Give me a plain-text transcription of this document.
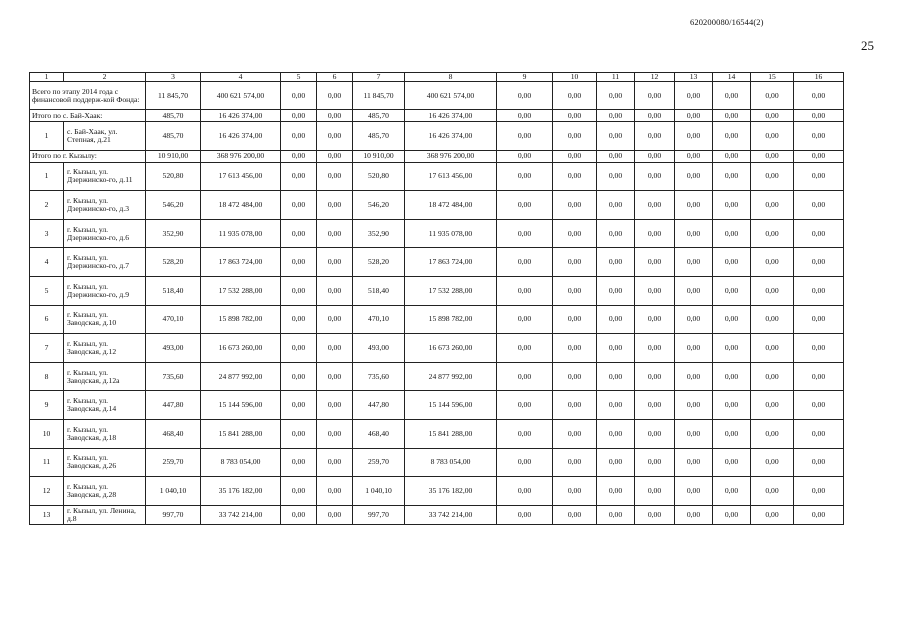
620200080/16544(2)
25
1	2	3	4	5	6	7	8	9	10	11	12	13	14	15	16
Всего по этапу 2014 года с финансовой поддерж-кой Фонда:		11 845,70	400 621 574,00	0,00	0,00	11 845,70	400 621 574,00	0,00	0,00	0,00	0,00	0,00	0,00	0,00	0,00
Итого по с. Бай-Хаак:		485,70	16 426 374,00	0,00	0,00	485,70	16 426 374,00	0,00	0,00	0,00	0,00	0,00	0,00	0,00	0,00
1	с. Бай-Хаак, ул. Степная, д.21	485,70	16 426 374,00	0,00	0,00	485,70	16 426 374,00	0,00	0,00	0,00	0,00	0,00	0,00	0,00	0,00
Итого по г. Кызылу:		10 910,00	368 976 200,00	0,00	0,00	10 910,00	368 976 200,00	0,00	0,00	0,00	0,00	0,00	0,00	0,00	0,00
1	г. Кызыл, ул. Дзержинско-го, д.11	520,80	17 613 456,00	0,00	0,00	520,80	17 613 456,00	0,00	0,00	0,00	0,00	0,00	0,00	0,00	0,00
2	г. Кызыл, ул. Дзержинско-го, д.3	546,20	18 472 484,00	0,00	0,00	546,20	18 472 484,00	0,00	0,00	0,00	0,00	0,00	0,00	0,00	0,00
3	г. Кызыл, ул. Дзержинско-го, д.6	352,90	11 935 078,00	0,00	0,00	352,90	11 935 078,00	0,00	0,00	0,00	0,00	0,00	0,00	0,00	0,00
4	г. Кызыл, ул. Дзержинско-го, д.7	528,20	17 863 724,00	0,00	0,00	528,20	17 863 724,00	0,00	0,00	0,00	0,00	0,00	0,00	0,00	0,00
5	г. Кызыл, ул. Дзержинско-го, д.9	518,40	17 532 288,00	0,00	0,00	518,40	17 532 288,00	0,00	0,00	0,00	0,00	0,00	0,00	0,00	0,00
6	г. Кызыл, ул. Заводская, д.10	470,10	15 898 782,00	0,00	0,00	470,10	15 898 782,00	0,00	0,00	0,00	0,00	0,00	0,00	0,00	0,00
7	г. Кызыл, ул. Заводская, д.12	493,00	16 673 260,00	0,00	0,00	493,00	16 673 260,00	0,00	0,00	0,00	0,00	0,00	0,00	0,00	0,00
8	г. Кызыл, ул. Заводская, д.12а	735,60	24 877 992,00	0,00	0,00	735,60	24 877 992,00	0,00	0,00	0,00	0,00	0,00	0,00	0,00	0,00
9	г. Кызыл, ул. Заводская, д.14	447,80	15 144 596,00	0,00	0,00	447,80	15 144 596,00	0,00	0,00	0,00	0,00	0,00	0,00	0,00	0,00
10	г. Кызыл, ул. Заводская, д.18	468,40	15 841 288,00	0,00	0,00	468,40	15 841 288,00	0,00	0,00	0,00	0,00	0,00	0,00	0,00	0,00
11	г. Кызыл, ул. Заводская, д.26	259,70	8 783 054,00	0,00	0,00	259,70	8 783 054,00	0,00	0,00	0,00	0,00	0,00	0,00	0,00	0,00
12	г. Кызыл, ул. Заводская, д.28	1 040,10	35 176 182,00	0,00	0,00	1 040,10	35 176 182,00	0,00	0,00	0,00	0,00	0,00	0,00	0,00	0,00
13	г. Кызыл, ул. Ленина, д.8	997,70	33 742 214,00	0,00	0,00	997,70	33 742 214,00	0,00	0,00	0,00	0,00	0,00	0,00	0,00	0,00
